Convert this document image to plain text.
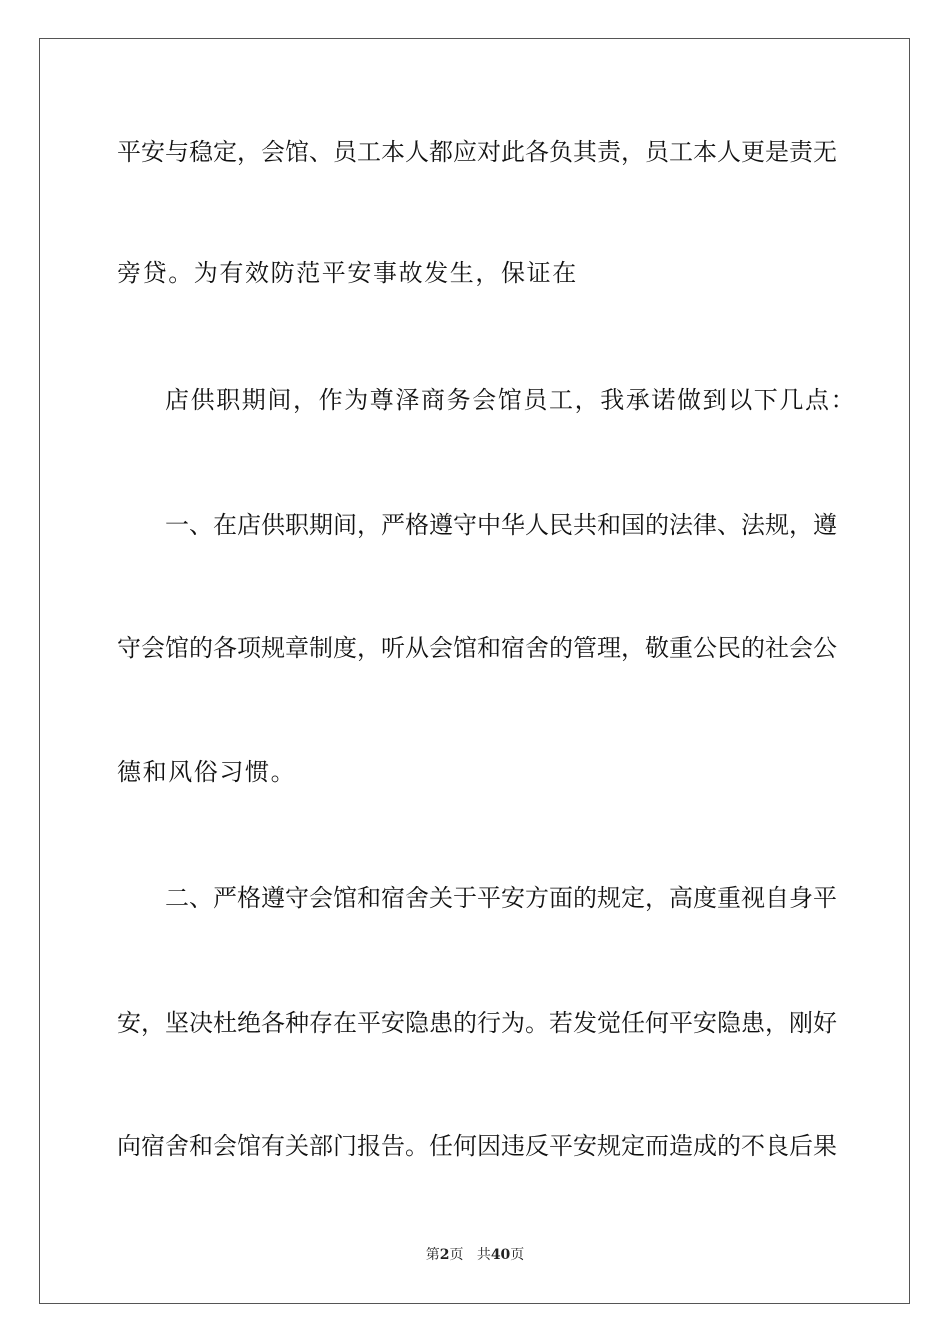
平安与稳定，会馆、员工本人都应对此各负其责，员工本人更是责无
旁贷。为有效防范平安事故发生，保证在
店供职期间，作为尊泽商务会馆员工，我承诺做到以下几点：
一、在店供职期间，严格遵守中华人民共和国的法律、法规，遵
守会馆的各项规章制度，听从会馆和宿舍的管理，敬重公民的社会公
德和风俗习惯。
二、严格遵守会馆和宿舍关于平安方面的规定，高度重视自身平
安，坚决杜绝各种存在平安隐患的行为。若发觉任何平安隐患，刚好
向宿舍和会馆有关部门报告。任何因违反平安规定而造成的不良后果
第2页 共40页
